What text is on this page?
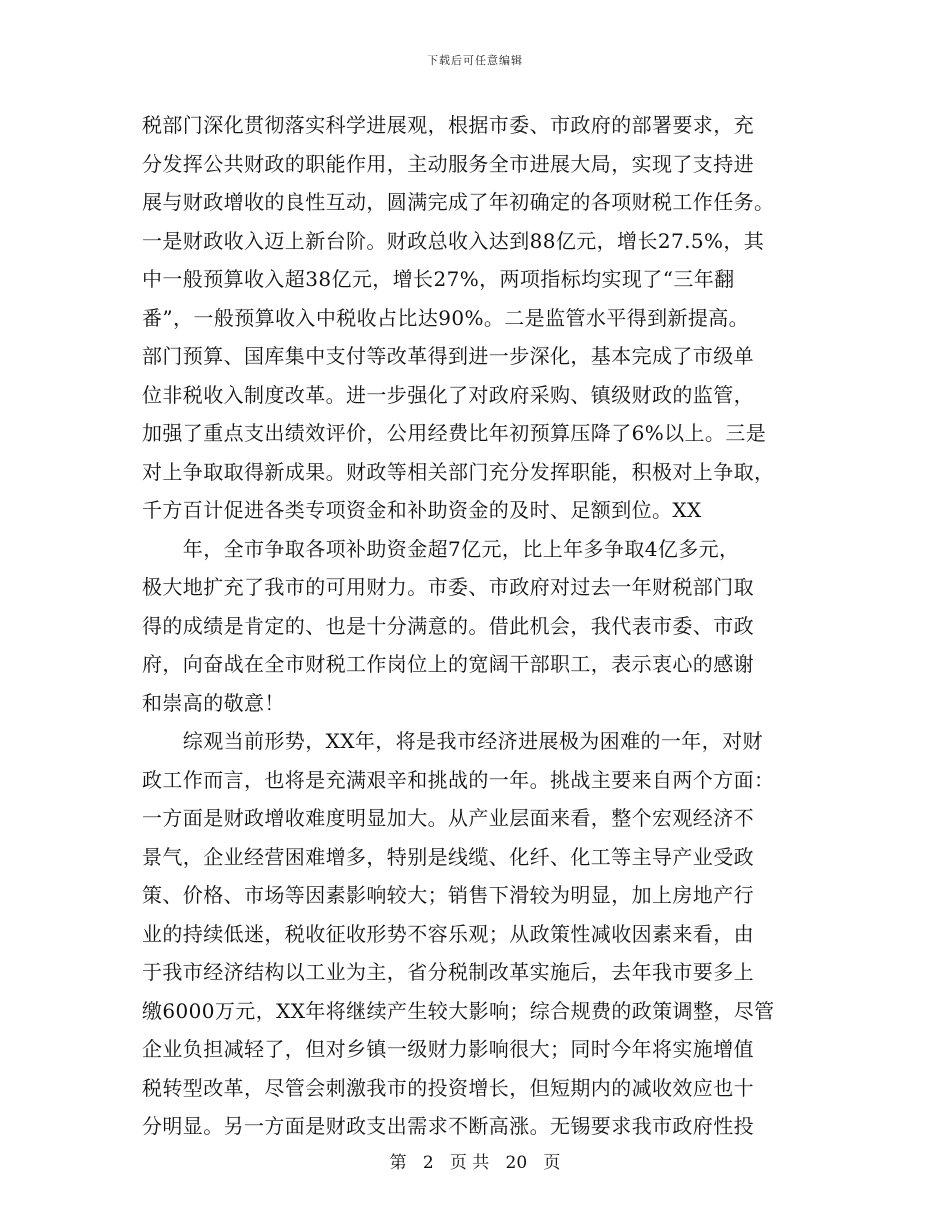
下载后可任意编辑
税部门深化贯彻落实科学进展观，根据市委、市政府的部署要求，充
分发挥公共财政的职能作用，主动服务全市进展大局，实现了支持进
展与财政增收的良性互动，圆满完成了年初确定的各项财税工作任务。
一是财政收入迈上新台阶。财政总收入达到88亿元，增长27.5%，其
中一般预算收入超38亿元，增长27%，两项指标均实现了“三年翻
番”，一般预算收入中税收占比达90%。二是监管水平得到新提高。
部门预算、国库集中支付等改革得到进一步深化，基本完成了市级单
位非税收入制度改革。进一步强化了对政府采购、镇级财政的监管，
加强了重点支出绩效评价，公用经费比年初预算压降了6%以上。三是
对上争取取得新成果。财政等相关部门充分发挥职能，积极对上争取，
千方百计促进各类专项资金和补助资金的及时、足额到位。XX
　　年，全市争取各项补助资金超7亿元，比上年多争取4亿多元，
极大地扩充了我市的可用财力。市委、市政府对过去一年财税部门取
得的成绩是肯定的、也是十分满意的。借此机会，我代表市委、市政
府，向奋战在全市财税工作岗位上的宽阔干部职工，表示衷心的感谢
和崇高的敬意！
　　综观当前形势，XX年，将是我市经济进展极为困难的一年，对财
政工作而言，也将是充满艰辛和挑战的一年。挑战主要来自两个方面：
一方面是财政增收难度明显加大。从产业层面来看，整个宏观经济不
景气，企业经营困难增多，特别是线缆、化纤、化工等主导产业受政
策、价格、市场等因素影响较大；销售下滑较为明显，加上房地产行
业的持续低迷，税收征收形势不容乐观；从政策性减收因素来看，由
于我市经济结构以工业为主，省分税制改革实施后，去年我市要多上
缴6000万元，XX年将继续产生较大影响；综合规费的政策调整，尽管
企业负担减轻了，但对乡镇一级财力影响很大；同时今年将实施增值
税转型改革，尽管会刺激我市的投资增长，但短期内的减收效应也十
分明显。另一方面是财政支出需求不断高涨。无锡要求我市政府性投
第 2 页 共 20 页
